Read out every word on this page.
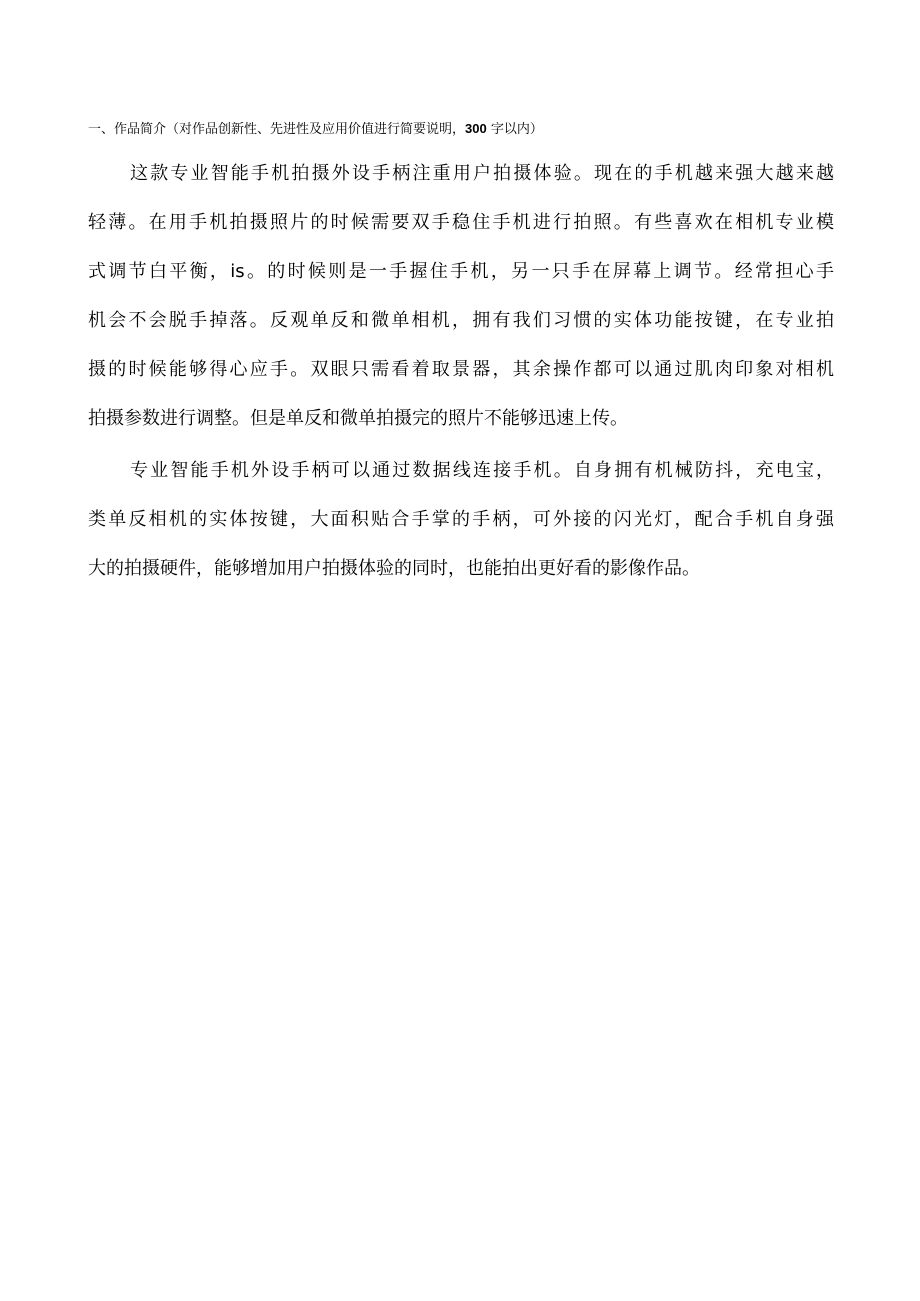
一、作品简介（对作品创新性、先进性及应用价值进行简要说明，300 字以内）
这款专业智能手机拍摄外设手柄注重用户拍摄体验。现在的手机越来强大越来越
轻薄。在用手机拍摄照片的时候需要双手稳住手机进行拍照。有些喜欢在相机专业模
式调节白平衡，is。的时候则是一手握住手机，另一只手在屏幕上调节。经常担心手
机会不会脱手掉落。反观单反和微单相机，拥有我们习惯的实体功能按键，在专业拍
摄的时候能够得心应手。双眼只需看着取景器，其余操作都可以通过肌肉印象对相机
拍摄参数进行调整。但是单反和微单拍摄完的照片不能够迅速上传。
专业智能手机外设手柄可以通过数据线连接手机。自身拥有机械防抖，充电宝，
类单反相机的实体按键，大面积贴合手掌的手柄，可外接的闪光灯，配合手机自身强
大的拍摄硬件，能够增加用户拍摄体验的同时，也能拍出更好看的影像作品。
